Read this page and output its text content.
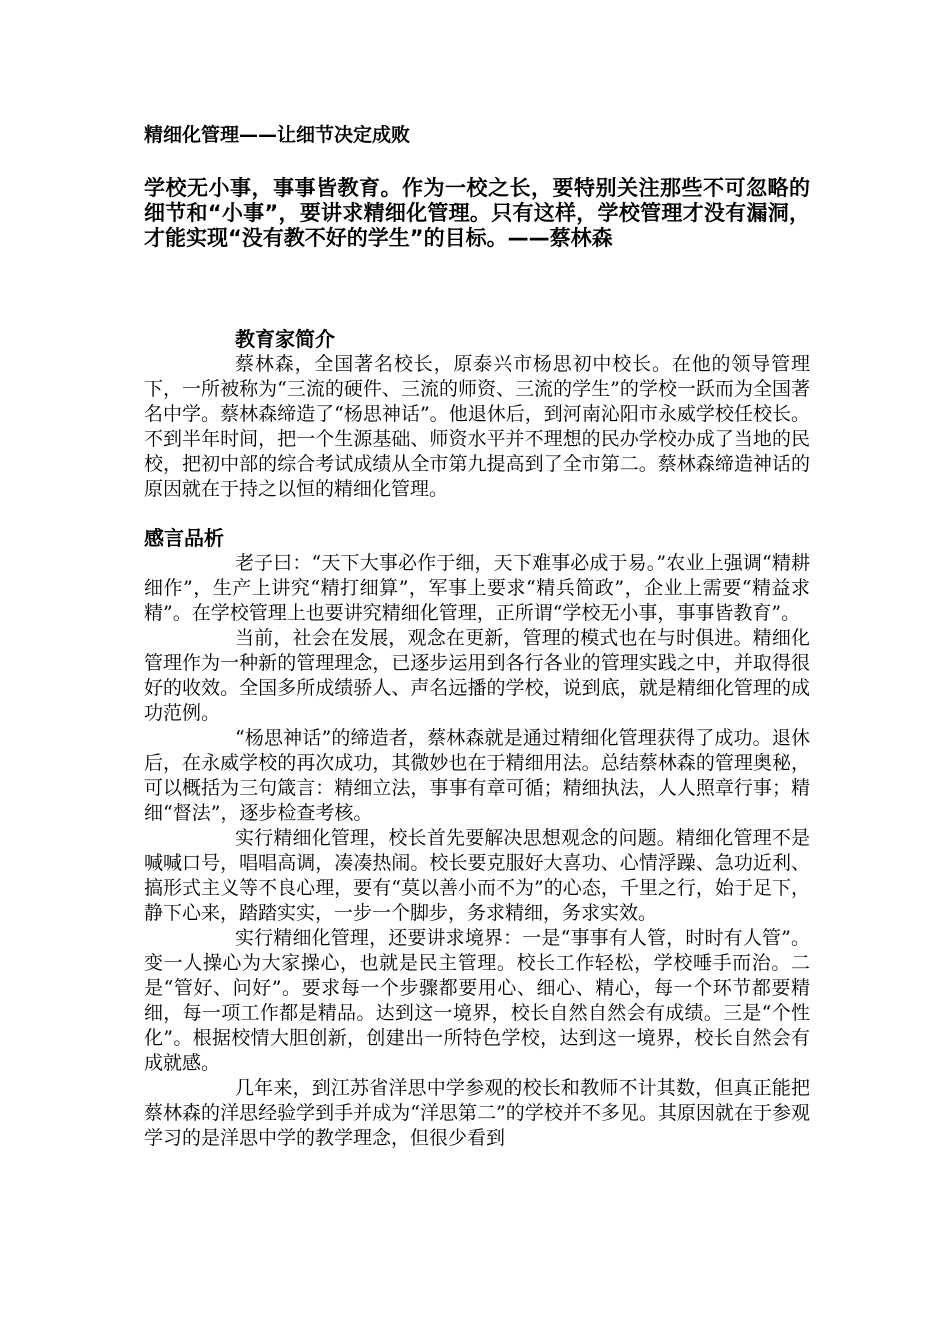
精细化管理——让细节决定成败

学校无小事，事事皆教育。作为一校之长，要特别关注那些不可忽略的细节和“小事”，要讲求精细化管理。只有这样，学校管理才没有漏洞，才能实现“没有教不好的学生”的目标。——蔡林森

教育家简介

蔡林森，全国著名校长，原泰兴市杨思初中校长。在他的领导管理下，一所被称为“三流的硬件、三流的师资、三流的学生”的学校一跃而为全国著名中学。蔡林森缔造了“杨思神话”。他退休后，到河南沁阳市永威学校任校长。不到半年时间，把一个生源基础、师资水平并不理想的民办学校办成了当地的民校，把初中部的综合考试成绩从全市第九提高到了全市第二。蔡林森缔造神话的原因就在于持之以恒的精细化管理。

感言品析

老子曰：“天下大事必作于细，天下难事必成于易。”农业上强调“精耕细作”，生产上讲究“精打细算”，军事上要求“精兵简政”，企业上需要“精益求精”。在学校管理上也要讲究精细化管理，正所谓“学校无小事，事事皆教育”。

当前，社会在发展，观念在更新，管理的模式也在与时俱进。精细化管理作为一种新的管理理念，已逐步运用到各行各业的管理实践之中，并取得很好的收效。全国多所成绩骄人、声名远播的学校，说到底，就是精细化管理的成功范例。

“杨思神话”的缔造者，蔡林森就是通过精细化管理获得了成功。退休后，在永威学校的再次成功，其微妙也在于精细用法。总结蔡林森的管理奥秘，可以概括为三句箴言：精细立法，事事有章可循；精细执法，人人照章行事；精细“督法”，逐步检查考核。

实行精细化管理，校长首先要解决思想观念的问题。精细化管理不是喊喊口号，唱唱高调，凑凑热闹。校长要克服好大喜功、心情浮躁、急功近利、搞形式主义等不良心理，要有“莫以善小而不为”的心态，千里之行，始于足下，静下心来，踏踏实实，一步一个脚步，务求精细，务求实效。

实行精细化管理，还要讲求境界：一是“事事有人管，时时有人管”。变一人操心为大家操心，也就是民主管理。校长工作轻松，学校唾手而治。二是“管好、问好”。要求每一个步骤都要用心、细心、精心，每一个环节都要精细，每一项工作都是精品。达到这一境界，校长自然自然会有成绩。三是“个性化”。根据校情大胆创新，创建出一所特色学校，达到这一境界，校长自然会有成就感。

几年来，到江苏省洋思中学参观的校长和教师不计其数，但真正能把蔡林森的洋思经验学到手并成为“洋思第二”的学校并不多见。其原因就在于参观学习的是洋思中学的教学理念，但很少看到
